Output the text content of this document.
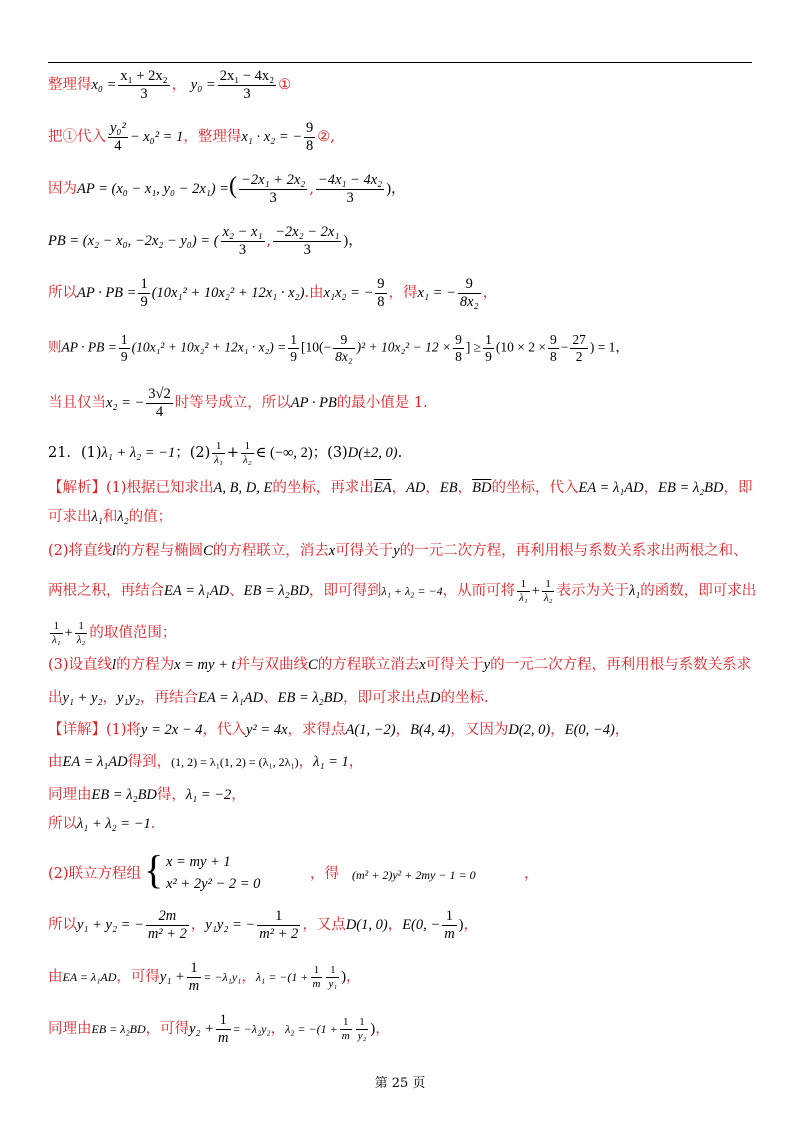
整理得$x_0 = \frac{\text{x₁ + 2x₂}}{3}$ ， $y_0 = \frac{\text{2x₁ − 4x₂}}{3}$ ①
把①代入 $\frac{\text{y₀²}}{4} - x_0^2 = 1$，整理得x₁ · x₂ = − $\frac{9}{8}$ ②,
因为AP = (x₀ − x₁, y₀ − 2x₁) =( $\frac{\text{−2x₁ + 2x₂}}{3}$ , $\frac{\text{−4x₁ − 4x₂}}{3}$ )，
PB = (x₂ − x₀, −2x₂ − y₀) = ( $\frac{\text{x₂ − x₁}}{3}$ , $\frac{\text{−2x₂ − 2x₁}}{3}$ )，
所以AP · PB = $\frac{1}{9} (10x_1^2 + 10x_2^2 + 12x_1 \cdot x_2)$.由x₁x₂ = − $\frac{9}{8}$ ，得x₁ = − $\frac{9}{\text{8x₂}}$ ，
则AP · PB = $\frac{1}{9} (10x_1^2 + 10x_2^2 + 12x_1 \cdot x_2) = \frac{1}{9} [10(- \frac{9}{\text{8x₂}} )^2 + 10x_2^2 - 12 \times \frac{9}{8}$ ] ≥ $\frac{1}{9} (10 \times 2 \times \frac{9}{8} - \frac{27}{2}$ ) = 1，
当且仅当x₂ = − $\frac{3√2}{4}$ 时等号成立，所以AP · PB的最小值是 1.
21．(1)λ₁ + λ₂ = −1；$(2) \frac{1}{\text{λ₁}} + \frac{1}{\text{λ₂}}$ ∈ (−∞, 2)；(3)D(±2, 0).
【解析】(1)根据已知求出A, B, D, E的坐标，再求出$\overline{EA}$，AD，EB，$\overline{BD}$的坐标，代入EA = λ₁AD，EB = λ₂BD，即
可求出λ₁和λ₂的值；
(2)将直线l的方程与椭圆C的方程联立，消去x可得关于y的一元二次方程，再利用根与系数关系求出两根之和、
两根之积，再结合EA = λ₁AD、EB = λ₂BD，即可得到λ₁ + λ₂ = −4，从而可将 $\frac{1}{\text{λ₁}} + \frac{1}{\text{λ₂}}$ 表示为关于λ₁的函数，即可求出
$\frac{1}{\text{λ₁}} + \frac{1}{\text{λ₂}}$ 的取值范围；
(3)设直线l的方程为x = my + t并与双曲线C的方程联立消去x可得关于y的一元二次方程，再利用根与系数关系求
出y₁ + y₂，y₁y₂，再结合EA = λ₁AD、EB = λ₂BD，即可求出点D的坐标.
【详解】(1)将y = 2x − 4，代入y² = 4x，求得点A(1, −2)，B(4, 4)，又因为D(2, 0)，E(0, −4)，
由EA = λ₁AD得到，(1, 2) = λ₁(1, 2) = (λ₁, 2λ₁)，λ₁ = 1，
同理由EB = λ₂BD得，λ₁ = −2，
所以λ₁ + λ₂ = −1.
(2)联立方程组 { x = my + 1
x² + 2y² − 2 = 0
，得 (m² + 2)y² + 2my − 1 = 0	，
所以y₁ + y₂ = − $\frac{2m}{\text{m² + 2}}$ ，y₁y₂ = − $\frac{1}{\text{m² + 2}}$ ，又点D(1, 0)，E(0, − $\frac{1}{m}$ )，
由EA = λ₁AD，可得$y_1 + \frac{1}{m} = -\lambda_1y_1$，$\lambda_1 = -(1 + \frac{1}{m} \frac{1}{\text{y₁}}$ )，
同理由EB = λ₂BD，可得$y_2 + \frac{1}{m} = -\lambda_2y_2$，$\lambda_2 = -(1 + \frac{1}{m} \frac{1}{\text{y₂}}$ )，
第 25 页
